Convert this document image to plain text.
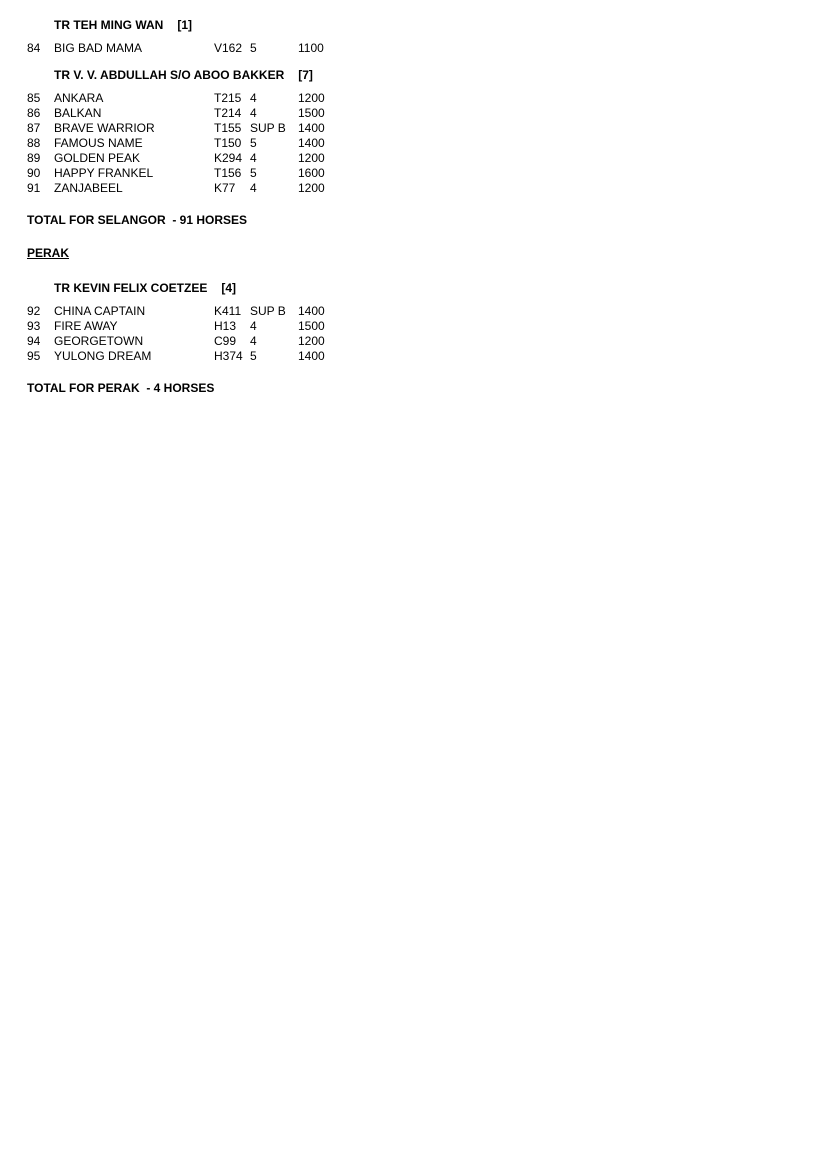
TR TEH MING WAN [1]
84 BIG BAD MAMA	V162 5	1100
TR V. V. ABDULLAH S/O ABOO BAKKER [7]
85 ANKARA	T215 4	1200
86 BALKAN	T214 4	1500
87 BRAVE WARRIOR	T155 SUP B 1400
88 FAMOUS NAME	T150 5	1400
89 GOLDEN PEAK	K294 4	1200
90 HAPPY FRANKEL	T156 5	1600
91 ZANJABEEL	K77 4	1200
TOTAL FOR SELANGOR  - 91 HORSES
PERAK
TR KEVIN FELIX COETZEE [4]
92 CHINA CAPTAIN	K411 SUP B 1400
93 FIRE AWAY	H13 4	1500
94 GEORGETOWN	C99 4	1200
95 YULONG DREAM	H374 5	1400
TOTAL FOR PERAK  - 4 HORSES
